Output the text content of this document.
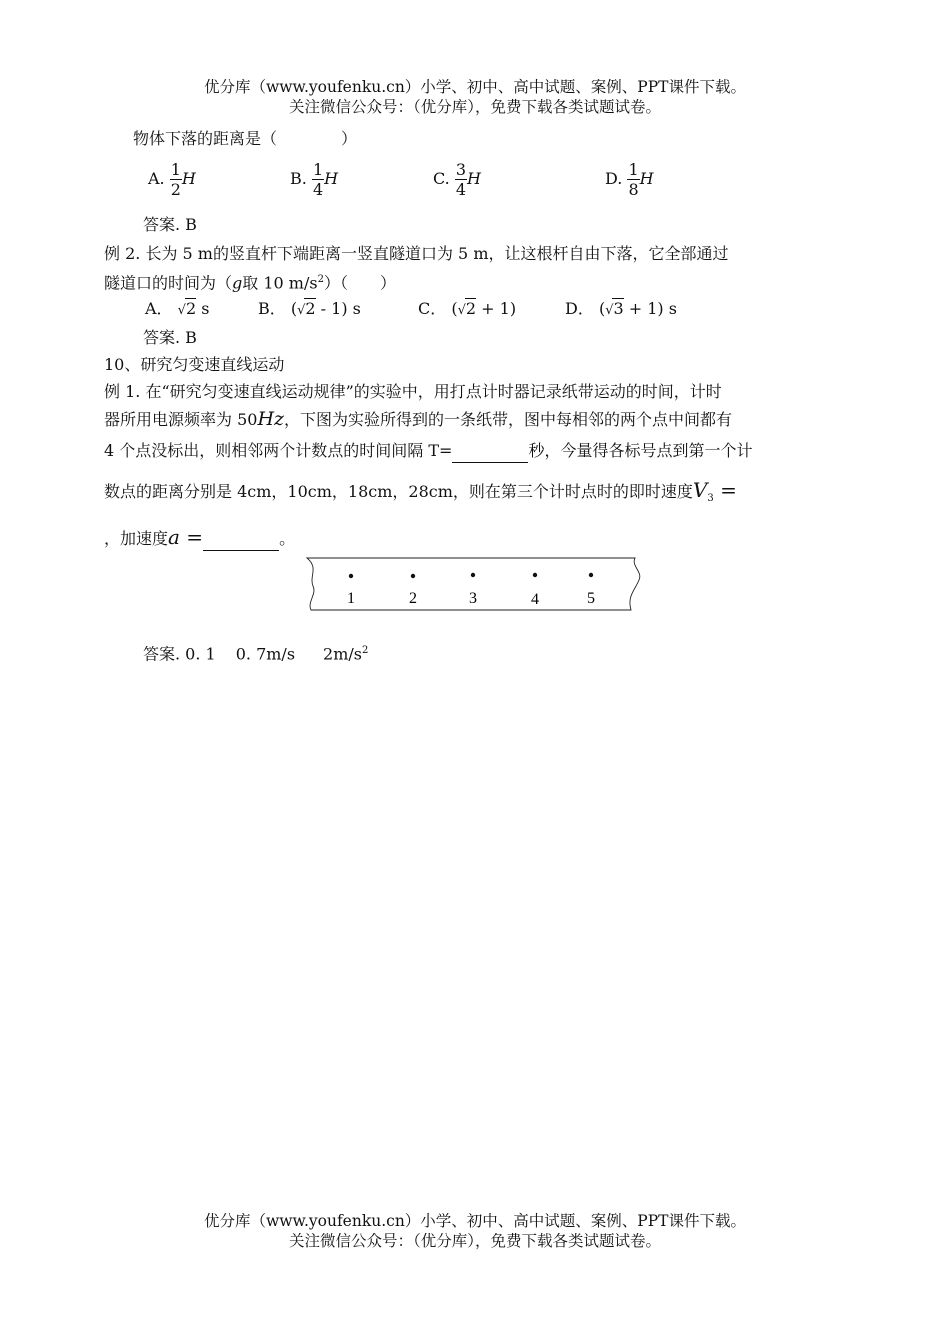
优分库（www.youfenku.cn）小学、初中、高中试题、案例、PPT课件下载。
关注微信公众号：（优分库），免费下载各类试题试卷。
物体下落的距离是（　　　　）
A. $\frac{1}{2}$ H	B. $\frac{1}{4}$ H	C. $\frac{3}{4}$ H	D. $\frac{1}{8}$ H
答案. B
例 2. 长为 5 m的竖直杆下端距离一竖直隧道口为 5 m，让这根杆自由下落，它全部通过
隧道口的时间为（g取 10 $m/s^2$）（　　）
A． √2 s	B． (√2 - 1) s	C． (√2 + 1)	D． (√3 + 1) s
答案. B
10、研究匀变速直线运动
例 1. 在“研究匀变速直线运动规律”的实验中，用打点计时器记录纸带运动的时间，计时
器所用电源频率为 50Hz，下图为实验所得到的一条纸带，图中每相邻的两个点中间都有
4 个点没标出，则相邻两个计数点的时间间隔 T=	秒，今量得各标号点到第一个计
数点的距离分别是 4cm，10cm，18cm，28cm，则在第三个计时点时的即时速度$V_3$ =
，加速度a =	。
1	2	3	4	5
答案. 0. 1 0. 7m/s $2m/s^2$
优分库（www.youfenku.cn）小学、初中、高中试题、案例、PPT课件下载。
关注微信公众号：（优分库），免费下载各类试题试卷。
